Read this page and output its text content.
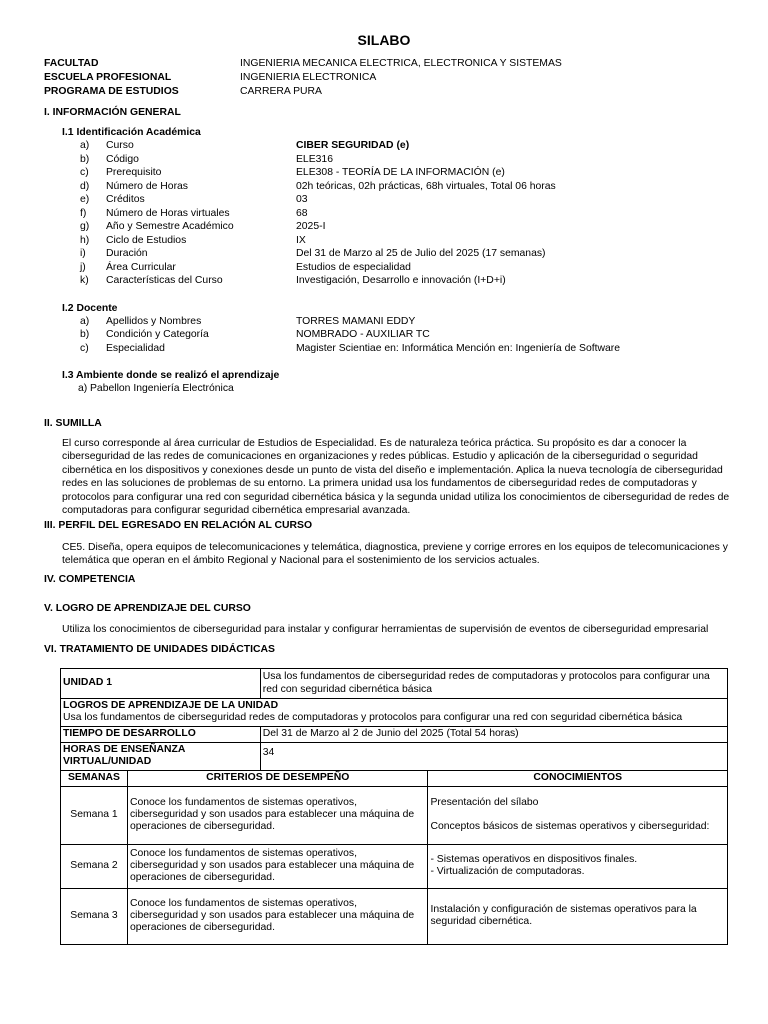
SILABO
FACULTAD	INGENIERIA MECANICA ELECTRICA, ELECTRONICA Y SISTEMAS
ESCUELA PROFESIONAL	INGENIERIA ELECTRONICA
PROGRAMA DE ESTUDIOS	CARRERA PURA
I. INFORMACIÓN GENERAL
I.1 Identificación Académica
a) Curso	CIBER SEGURIDAD (e)
b) Código	ELE316
c) Prerequisito	ELE308 - TEORÍA DE LA INFORMACIÓN (e)
d) Número de Horas	02h teóricas, 02h prácticas, 68h virtuales, Total 06 horas
e) Créditos	03
f) Número de Horas virtuales	68
g) Año y Semestre Académico	2025-I
h) Ciclo de Estudios	IX
i) Duración	Del 31 de Marzo al 25 de Julio del 2025 (17 semanas)
j) Área Curricular	Estudios de especialidad
k) Características del Curso	Investigación, Desarrollo e innovación (I+D+i)
I.2 Docente
a) Apellidos y Nombres	TORRES MAMANI EDDY
b) Condición y Categoría	NOMBRADO - AUXILIAR TC
c) Especialidad	Magister Scientiae en: Informática Mención en: Ingeniería de Software
I.3 Ambiente donde se realizó el aprendizaje
a) Pabellon Ingeniería Electrónica
II. SUMILLA
El curso corresponde al área curricular de Estudios de Especialidad. Es de naturaleza teórica práctica. Su propósito es dar a conocer la ciberseguridad de las redes de comunicaciones en organizaciones y redes públicas. Estudio y aplicación de la ciberseguridad o seguridad cibernética en los dispositivos y conexiones desde un punto de vista del diseño e implementación. Aplica la nueva tecnología de ciberseguridad redes en las soluciones de problemas de su entorno. La primera unidad usa los fundamentos de ciberseguridad redes de computadoras y protocolos para configurar una red con seguridad cibernética básica y la segunda unidad utiliza los conocimientos de ciberseguridad de redes de computadoras para configurar seguridad cibernética empresarial avanzada.
III. PERFIL DEL EGRESADO EN RELACIÓN AL CURSO
CE5. Diseña, opera equipos de telecomunicaciones y telemática, diagnostica, previene y corrige errores en los equipos de telecomunicaciones y telemática que operan en el ámbito Regional y Nacional para el sostenimiento de los servicios actuales.
IV. COMPETENCIA
V. LOGRO DE APRENDIZAJE DEL CURSO
Utiliza los conocimientos de ciberseguridad para instalar y configurar herramientas de supervisión de eventos de ciberseguridad empresarial
VI. TRATAMIENTO DE UNIDADES DIDÁCTICAS
UNIDAD 1		Usa los fundamentos de ciberseguridad redes de computadoras y protocolos para configurar una red con seguridad cibernética básica	

LOGROS DE APRENDIZAJE DE LA UNIDAD
Usa los fundamentos de ciberseguridad redes de computadoras y protocolos para configurar una red con seguridad cibernética básica			

TIEMPO DE DESARROLLO		Del 31 de Marzo al 2 de Junio del 2025 (Total 54 horas)	

HORAS DE ENSEÑANZA
VIRTUAL/UNIDAD		34	
SEMANAS	CRITERIOS DE DESEMPEÑO		CONOCIMIENTOS
Semana 1	Conoce los fundamentos de sistemas operativos, ciberseguridad y son usados para establecer una máquina de operaciones de ciberseguridad.		Presentación del sílabo
Conceptos básicos de sistemas operativos y ciberseguridad:

Semana 2	Conoce los fundamentos de sistemas operativos, ciberseguridad y son usados para establecer una máquina de operaciones de ciberseguridad.		- Sistemas operativos en dispositivos finales.
- Virtualización de computadoras.

Semana 3	Conoce los fundamentos de sistemas operativos, ciberseguridad y son usados para establecer una máquina de operaciones de ciberseguridad.		Instalación y configuración de sistemas operativos para la seguridad cibernética.
